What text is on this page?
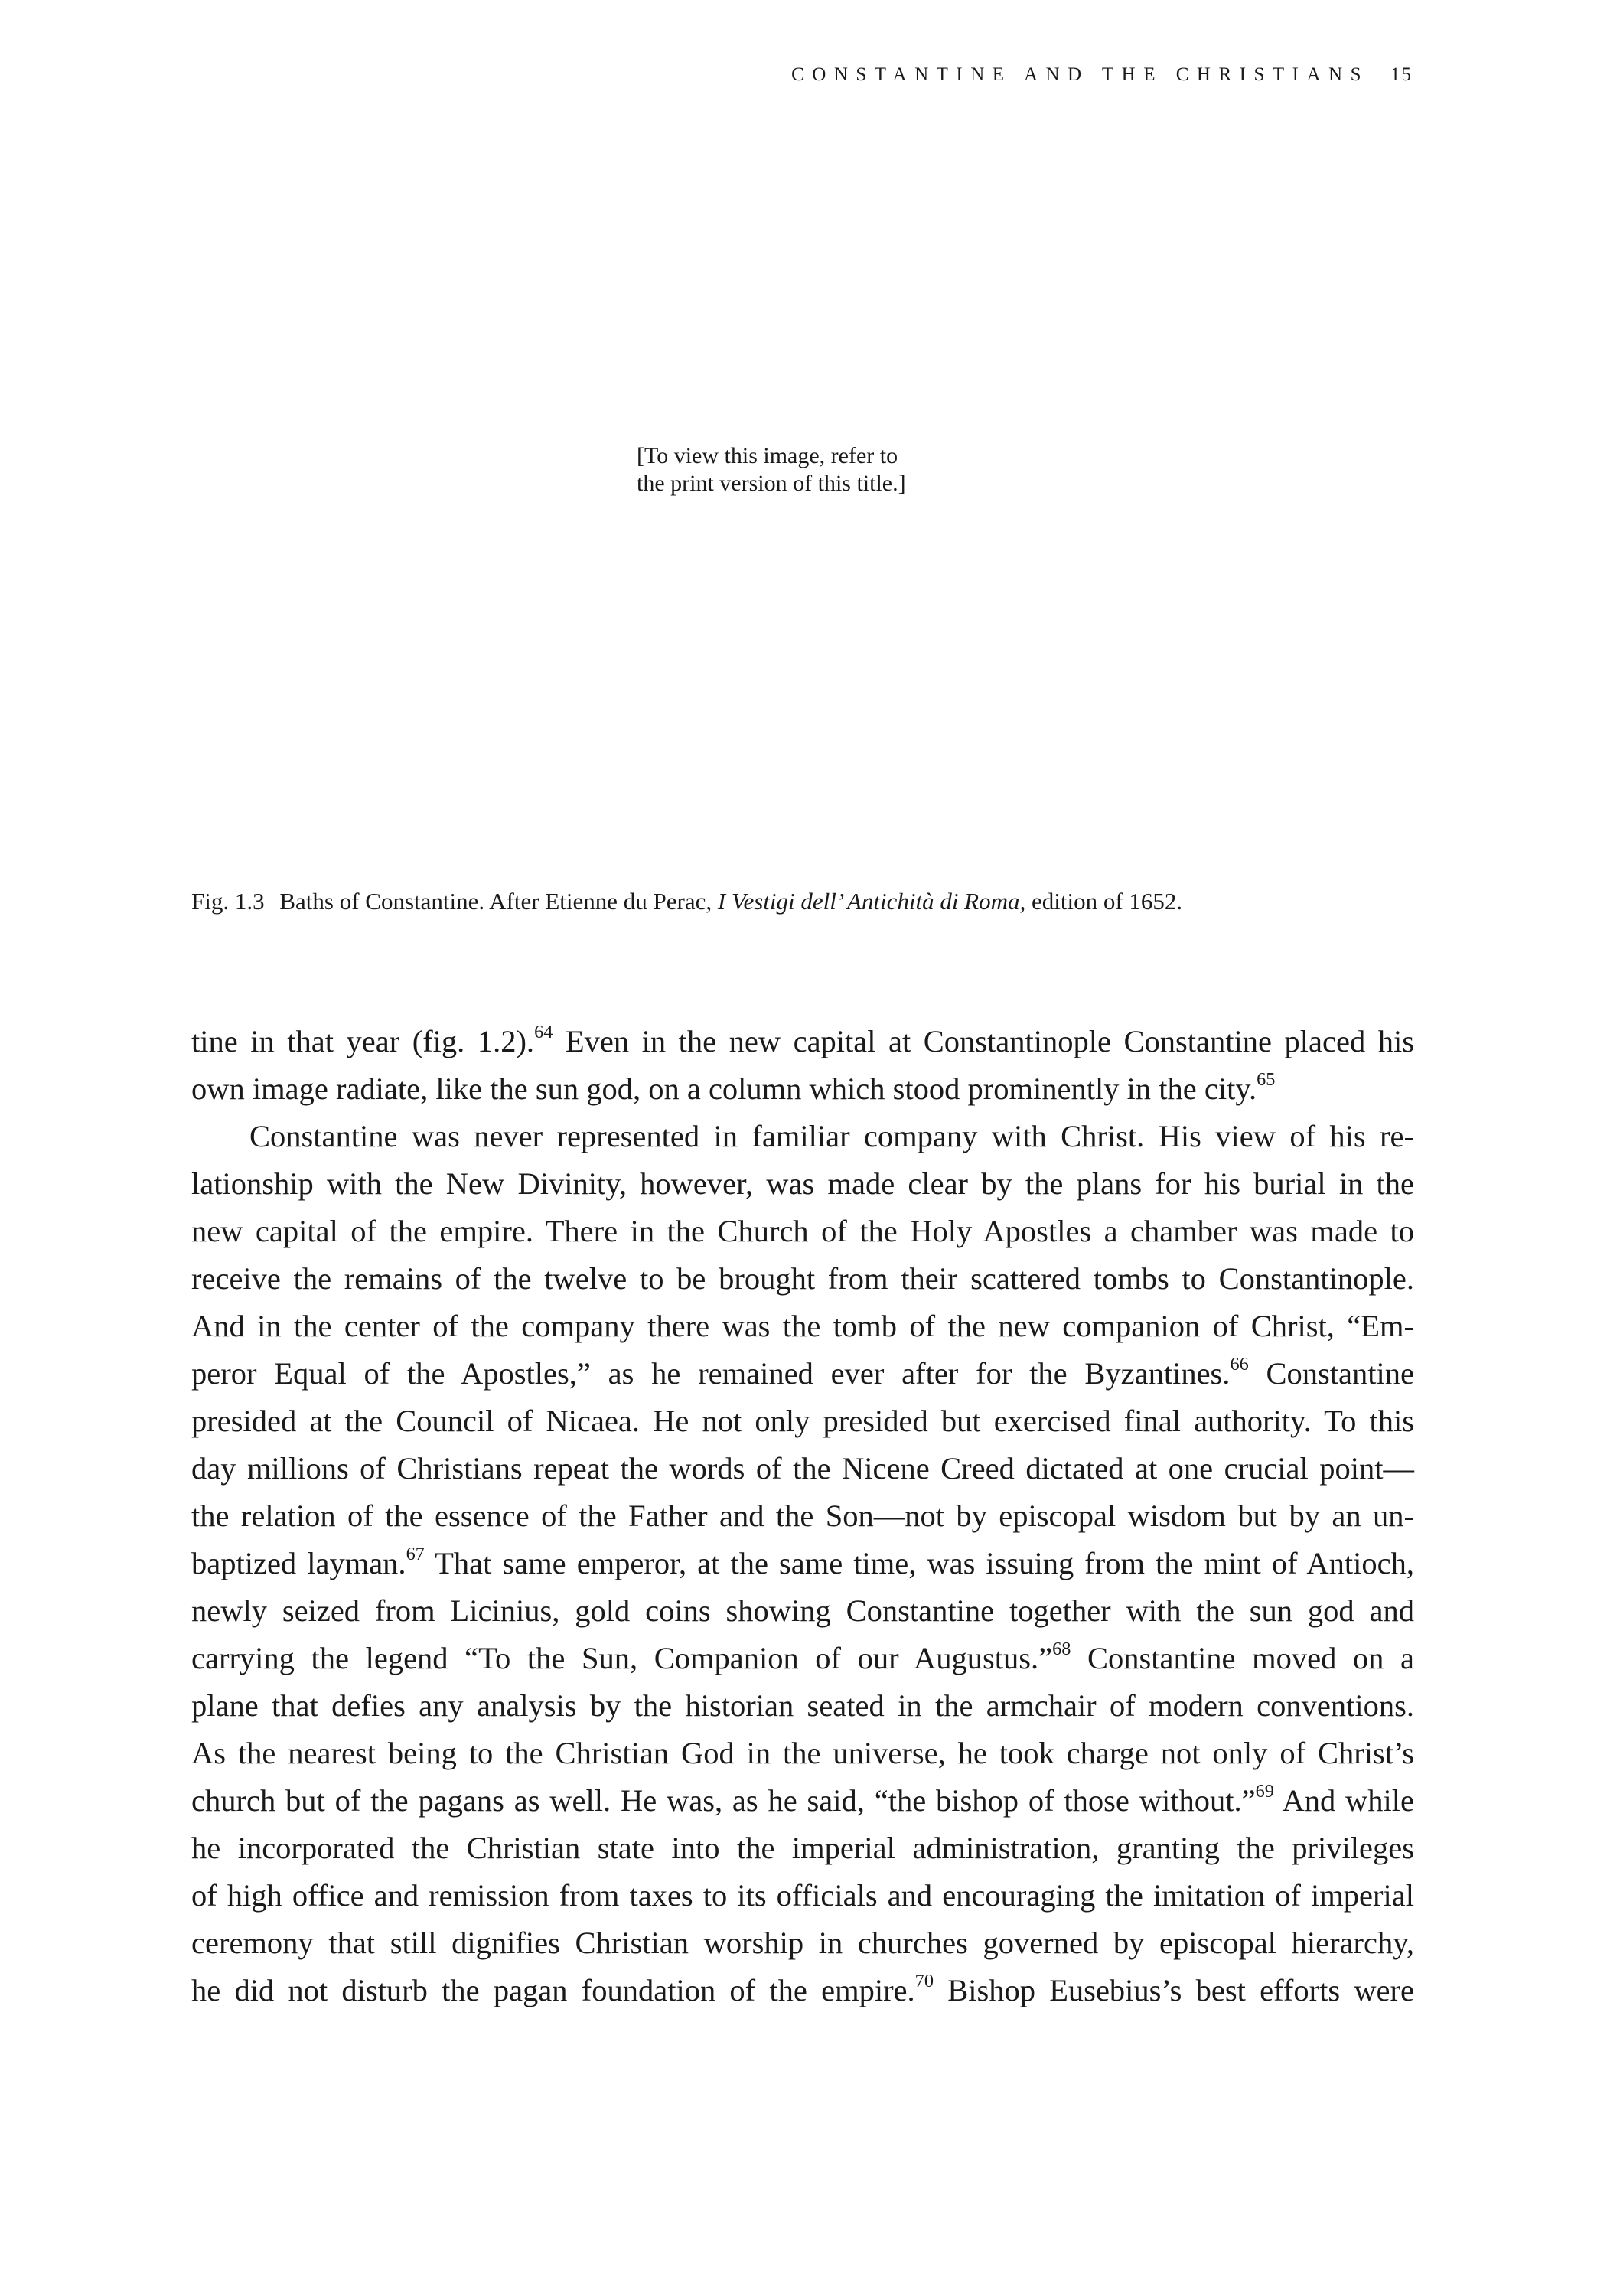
CONSTANTINE AND THE CHRISTIANS 15
[To view this image, refer to
the print version of this title.]
Fig. 1.3 Baths of Constantine. After Etienne du Perac, I Vestigi dell’ Antichità di Roma, edition of 1652.
tine in that year (fig. 1.2).$^{64}$ Even in the new capital at Constantinople Constantine placed his
own image radiate, like the sun god, on a column which stood prominently in the city.$^{65}$
Constantine was never represented in familiar company with Christ. His view of his re-
lationship with the New Divinity, however, was made clear by the plans for his burial in the
new capital of the empire. There in the Church of the Holy Apostles a chamber was made to
receive the remains of the twelve to be brought from their scattered tombs to Constantinople.
And in the center of the company there was the tomb of the new companion of Christ, “Em-
peror Equal of the Apostles,” as he remained ever after for the Byzantines.$^{66}$ Constantine
presided at the Council of Nicaea. He not only presided but exercised final authority. To this
day millions of Christians repeat the words of the Nicene Creed dictated at one crucial point—
the relation of the essence of the Father and the Son—not by episcopal wisdom but by an un-
baptized layman.$^{67}$ That same emperor, at the same time, was issuing from the mint of Antioch,
newly seized from Licinius, gold coins showing Constantine together with the sun god and
carrying the legend “To the Sun, Companion of our Augustus.”$^{68}$ Constantine moved on a
plane that defies any analysis by the historian seated in the armchair of modern conventions.
As the nearest being to the Christian God in the universe, he took charge not only of Christ’s
church but of the pagans as well. He was, as he said, “the bishop of those without.”$^{69}$ And while
he incorporated the Christian state into the imperial administration, granting the privileges
of high office and remission from taxes to its officials and encouraging the imitation of imperial
ceremony that still dignifies Christian worship in churches governed by episcopal hierarchy,
he did not disturb the pagan foundation of the empire.$^{70}$ Bishop Eusebius’s best efforts were
